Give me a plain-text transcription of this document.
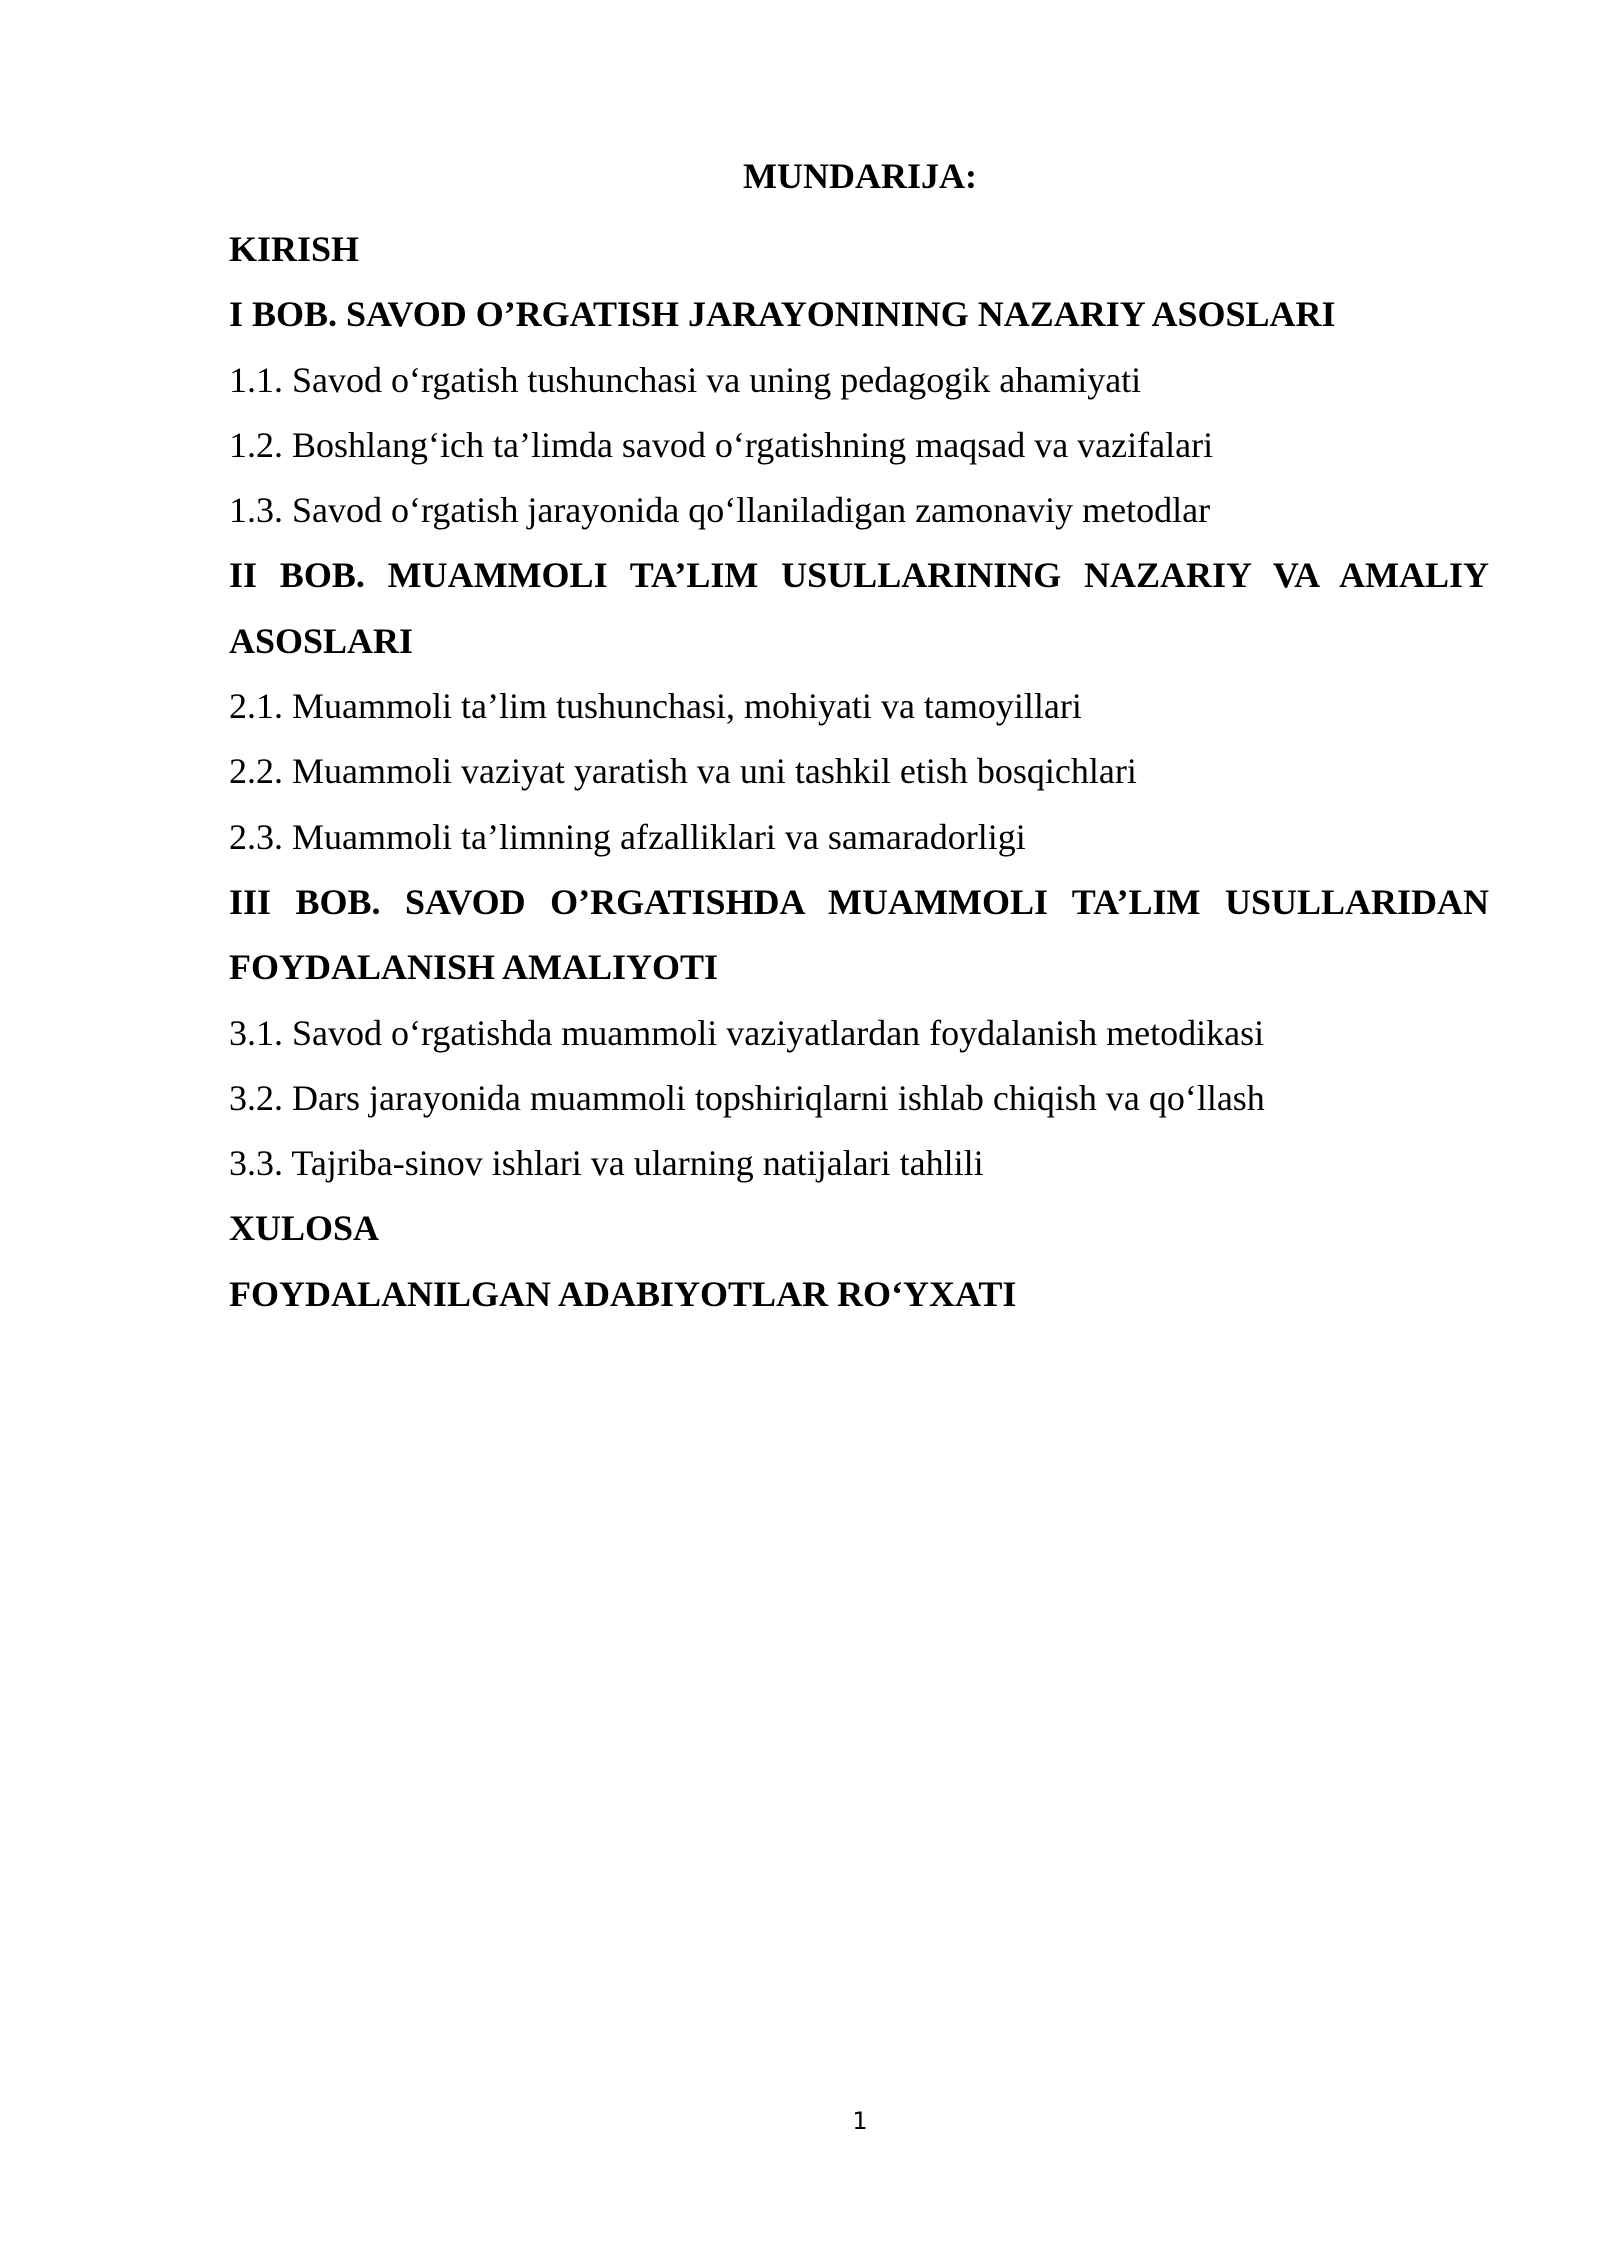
MUNDARIJA:
KIRISH
I BOB. SAVOD O’RGATISH JARAYONINING NAZARIY ASOSLARI
1.1. Savod o‘rgatish tushunchasi va uning pedagogik ahamiyati
1.2. Boshlang‘ich ta’limda savod o‘rgatishning maqsad va vazifalari
1.3. Savod o‘rgatish jarayonida qo‘llaniladigan zamonaviy metodlar
II BOB. MUAMMOLI TA’LIM USULLARINING NAZARIY VA AMALIY
ASOSLARI
2.1. Muammoli ta’lim tushunchasi, mohiyati va tamoyillari
2.2. Muammoli vaziyat yaratish va uni tashkil etish bosqichlari
2.3. Muammoli ta’limning afzalliklari va samaradorligi
III BOB. SAVOD O’RGATISHDA MUAMMOLI TA’LIM USULLARIDAN
FOYDALANISH AMALIYOTI
3.1. Savod o‘rgatishda muammoli vaziyatlardan foydalanish metodikasi
3.2. Dars jarayonida muammoli topshiriqlarni ishlab chiqish va qo‘llash
3.3. Tajriba-sinov ishlari va ularning natijalari tahlili
XULOSA
FOYDALANILGAN ADABIYOTLAR RO‘YXATI
1
